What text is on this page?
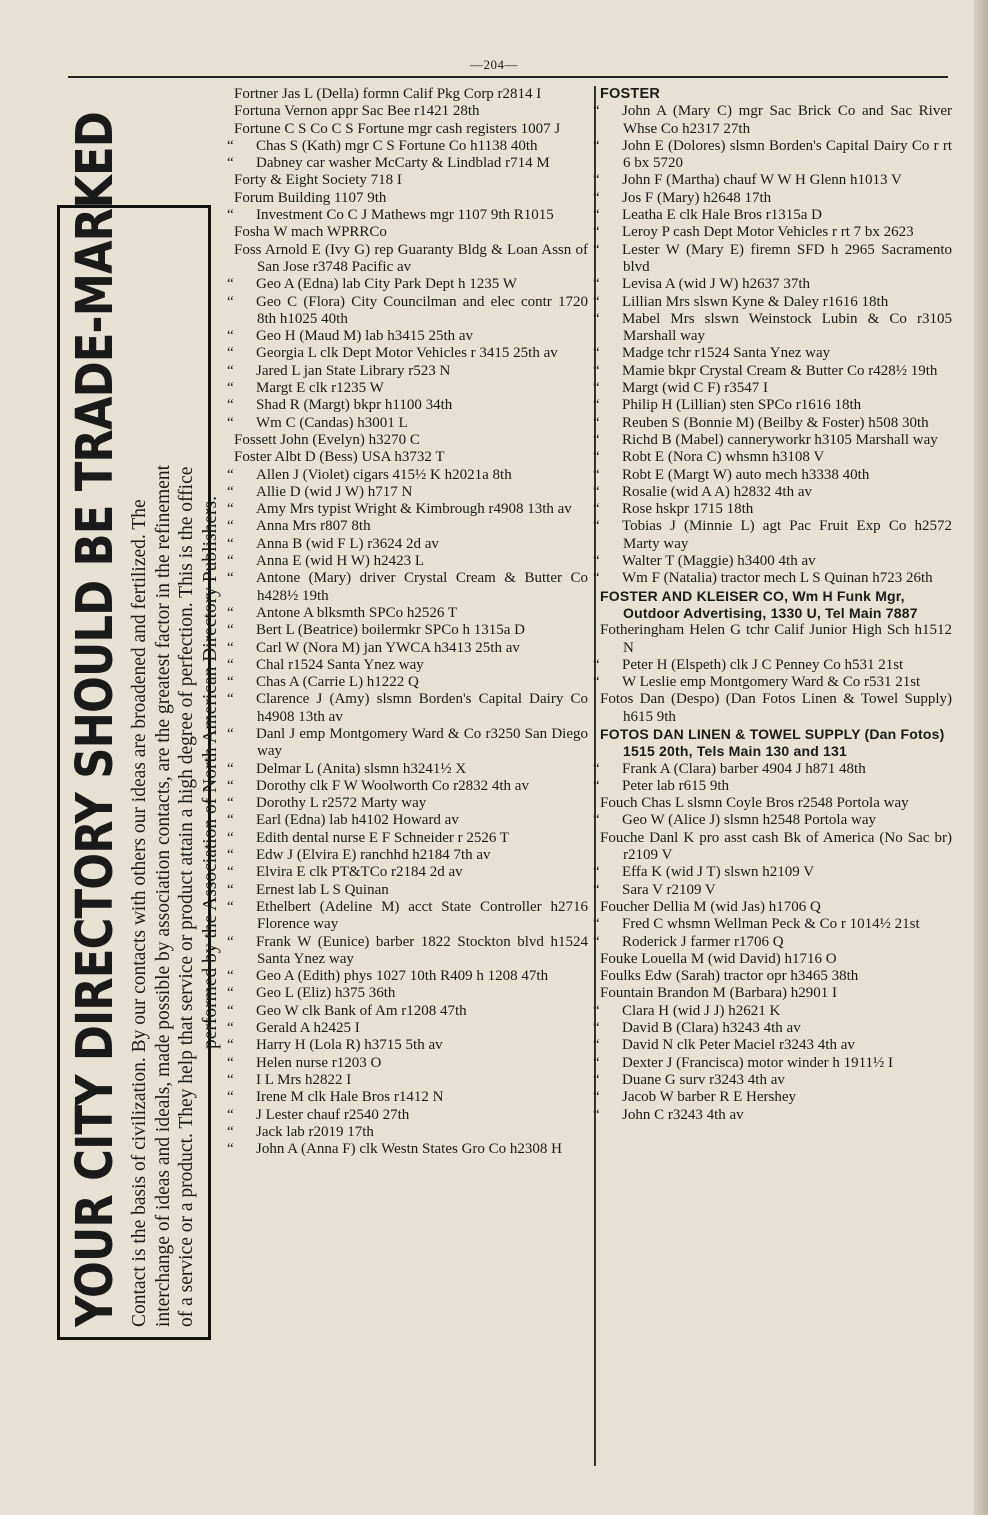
—204—
YOUR CITY DIRECTORY SHOULD BE TRADE-MARKED Contact is the basis of civilization. By our contacts with others our ideas are broadened and fertilized. The interchange of ideas and ideals, made possible by association contacts, are the greatest factor in the refinement of a service or a product. They help that service or product attain a high degree of perfection. This is the office performed by the Association of North American Directory Publishers.
Fortner Jas L (Della) formn Calif Pkg Corp r2814 I
Fortuna Vernon appr Sac Bee r1421 28th
Fortune C S Co C S Fortune mgr cash registers 1007 J
“ Chas S (Kath) mgr C S Fortune Co h1138 40th
“ Dabney car washer McCarty & Lindblad r714 M
Forty & Eight Society 718 I
Forum Building 1107 9th
“ Investment Co C J Mathews mgr 1107 9th R1015
Fosha W mach WPRRCo
Foss Arnold E (Ivy G) rep Guaranty Bldg & Loan Assn of San Jose r3748 Pacific av
“ Geo A (Edna) lab City Park Dept h 1235 W
“ Geo C (Flora) City Councilman and elec contr 1720 8th h1025 40th
“ Geo H (Maud M) lab h3415 25th av
“ Georgia L clk Dept Motor Vehicles r 3415 25th av
“ Jared L jan State Library r523 N
“ Margt E clk r1235 W
“ Shad R (Margt) bkpr h1100 34th
“ Wm C (Candas) h3001 L
Fossett John (Evelyn) h3270 C
Foster Albt D (Bess) USA h3732 T
“ Allen J (Violet) cigars 415½ K h2021a 8th
“ Allie D (wid J W) h717 N
“ Amy Mrs typist Wright & Kimbrough r4908 13th av
“ Anna Mrs r807 8th
“ Anna B (wid F L) r3624 2d av
“ Anna E (wid H W) h2423 L
“ Antone (Mary) driver Crystal Cream & Butter Co h428½ 19th
“ Antone A blksmth SPCo h2526 T
“ Bert L (Beatrice) boilermkr SPCo h 1315a D
“ Carl W (Nora M) jan YWCA h3413 25th av
“ Chal r1524 Santa Ynez way
“ Chas A (Carrie L) h1222 Q
“ Clarence J (Amy) slsmn Borden's Capital Dairy Co h4908 13th av
“ Danl J emp Montgomery Ward & Co r3250 San Diego way
“ Delmar L (Anita) slsmn h3241½ X
“ Dorothy clk F W Woolworth Co r2832 4th av
“ Dorothy L r2572 Marty way
“ Earl (Edna) lab h4102 Howard av
“ Edith dental nurse E F Schneider r 2526 T
“ Edw J (Elvira E) ranchhd h2184 7th av
“ Elvira E clk PT&TCo r2184 2d av
“ Ernest lab L S Quinan
“ Ethelbert (Adeline M) acct State Controller h2716 Florence way
“ Frank W (Eunice) barber 1822 Stockton blvd h1524 Santa Ynez way
“ Geo A (Edith) phys 1027 10th R409 h 1208 47th
“ Geo L (Eliz) h375 36th
“ Geo W clk Bank of Am r1208 47th
“ Gerald A h2425 I
“ Harry H (Lola R) h3715 5th av
“ Helen nurse r1203 O
“ I L Mrs h2822 I
“ Irene M clk Hale Bros r1412 N
“ J Lester chauf r2540 27th
“ Jack lab r2019 17th
“ John A (Anna F) clk Westn States Gro Co h2308 H
FOSTER
“ John A (Mary C) mgr Sac Brick Co and Sac River Whse Co h2317 27th
“ John E (Dolores) slsmn Borden's Capital Dairy Co r rt 6 bx 5720
“ John F (Martha) chauf W W H Glenn h1013 V
“ Jos F (Mary) h2648 17th
“ Leatha E clk Hale Bros r1315a D
“ Leroy P cash Dept Motor Vehicles r rt 7 bx 2623
“ Lester W (Mary E) firemn SFD h 2965 Sacramento blvd
“ Levisa A (wid J W) h2637 37th
“ Lillian Mrs slswn Kyne & Daley r1616 18th
“ Mabel Mrs slswn Weinstock Lubin & Co r3105 Marshall way
“ Madge tchr r1524 Santa Ynez way
“ Mamie bkpr Crystal Cream & Butter Co r428½ 19th
“ Margt (wid C F) r3547 I
“ Philip H (Lillian) sten SPCo r1616 18th
“ Reuben S (Bonnie M) (Beilby & Foster) h508 30th
“ Richd B (Mabel) canneryworkr h3105 Marshall way
“ Robt E (Nora C) whsmn h3108 V
“ Robt E (Margt W) auto mech h3338 40th
“ Rosalie (wid A A) h2832 4th av
“ Rose hskpr 1715 18th
“ Tobias J (Minnie L) agt Pac Fruit Exp Co h2572 Marty way
“ Walter T (Maggie) h3400 4th av
“ Wm F (Natalia) tractor mech L S Quinan h723 26th
FOSTER AND KLEISER CO, Wm H Funk Mgr, Outdoor Advertising, 1330 U, Tel Main 7887
Fotheringham Helen G tchr Calif Junior High Sch h1512 N
“ Peter H (Elspeth) clk J C Penney Co h531 21st
“ W Leslie emp Montgomery Ward & Co r531 21st
Fotos Dan (Despo) (Dan Fotos Linen & Towel Supply) h615 9th
FOTOS DAN LINEN & TOWEL SUPPLY (Dan Fotos) 1515 20th, Tels Main 130 and 131
“ Frank A (Clara) barber 4904 J h871 48th
“ Peter lab r615 9th
Fouch Chas L slsmn Coyle Bros r2548 Portola way
“ Geo W (Alice J) slsmn h2548 Portola way
Fouche Danl K pro asst cash Bk of America (No Sac br) r2109 V
“ Effa K (wid J T) slswn h2109 V
“ Sara V r2109 V
Foucher Dellia M (wid Jas) h1706 Q
“ Fred C whsmn Wellman Peck & Co r 1014½ 21st
“ Roderick J farmer r1706 Q
Fouke Louella M (wid David) h1716 O
Foulks Edw (Sarah) tractor opr h3465 38th
Fountain Brandon M (Barbara) h2901 I
“ Clara H (wid J J) h2621 K
“ David B (Clara) h3243 4th av
“ David N clk Peter Maciel r3243 4th av
“ Dexter J (Francisca) motor winder h 1911½ I
“ Duane G surv r3243 4th av
“ Jacob W barber R E Hershey
“ John C r3243 4th av
